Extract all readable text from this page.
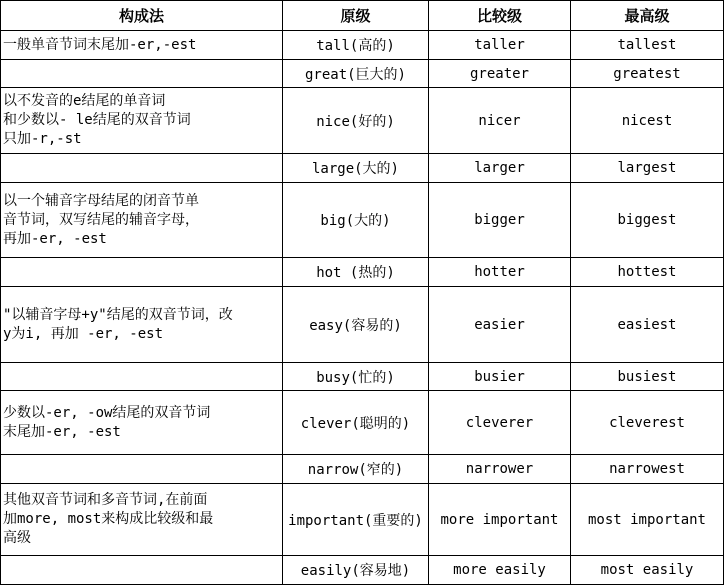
构成法	原级	比较级	最高级
一般单音节词末尾加-er,-est	tall(高的)	taller	tallest
	great(巨大的)	greater	greatest
以不发音的e结尾的单音词
和少数以- le结尾的双音节词
只加-r,-st	nice(好的)	nicer	nicest
	large(大的)	larger	largest
以一个辅音字母结尾的闭音节单
音节词，双写结尾的辅音字母，
再加-er, -est	big(大的)	bigger	biggest
	hot (热的)	hotter	hottest
"以辅音字母+y"结尾的双音节词，改
y为i, 再加 -er, -est	easy(容易的)	easier	easiest
	busy(忙的)	busier	busiest
少数以-er, -ow结尾的双音节词
末尾加-er, -est	clever(聪明的)	cleverer	cleverest
	narrow(窄的)	narrower	narrowest
其他双音节词和多音节词,在前面
加more, most来构成比较级和最
高级	important(重要的)	more important	most important
	easily(容易地)	more easily	most easily
